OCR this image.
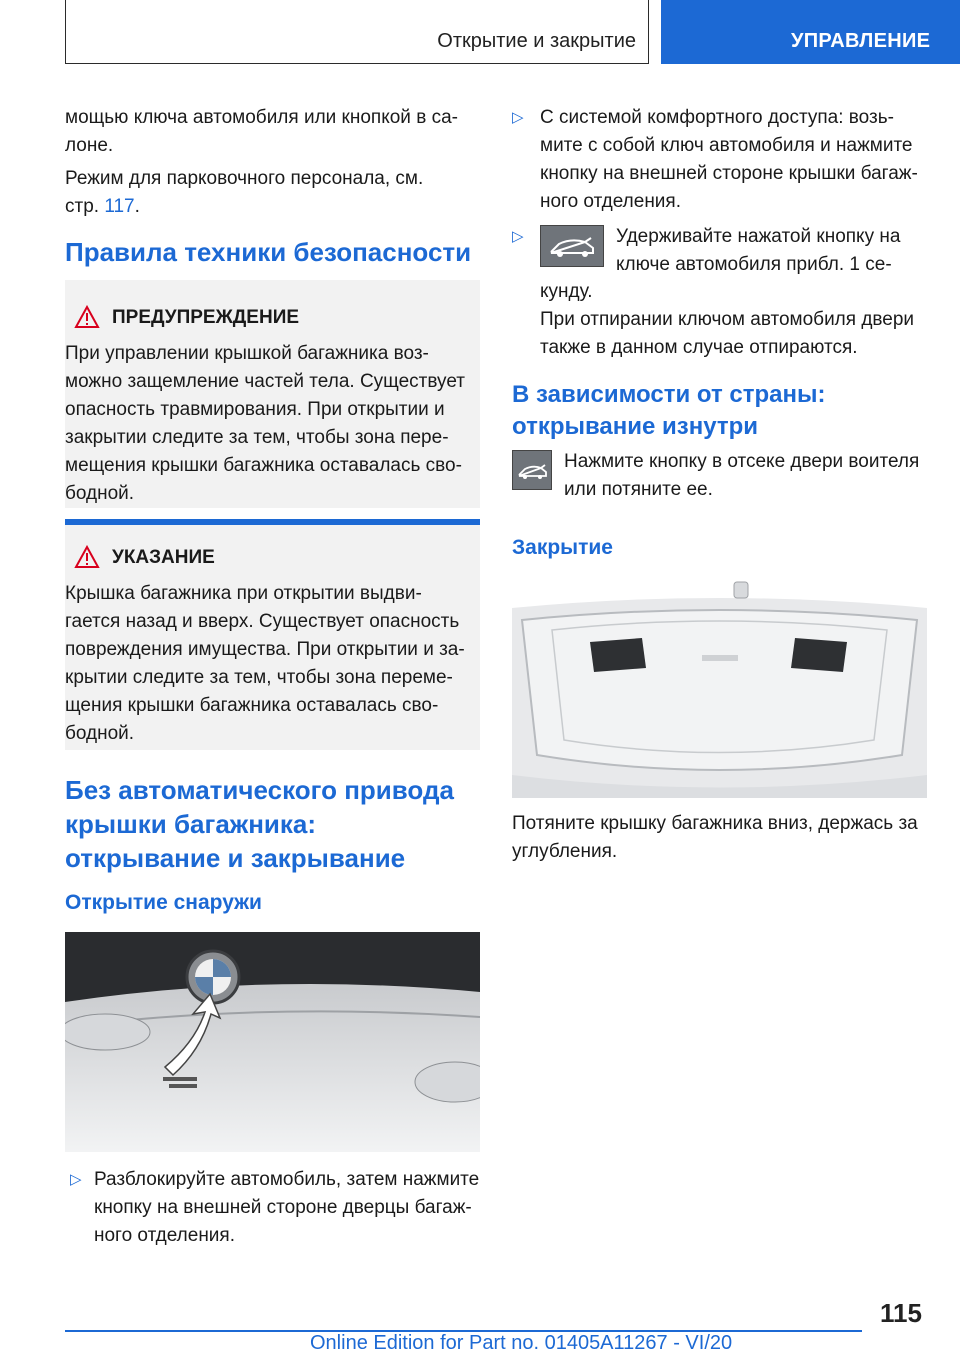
Открытие и закрытие	УПРАВЛЕНИЕ

мощью ключа автомобиля или кнопкой в са-
лоне.

Режим для парковочного персонала, см.
стр. 117.

Правила техники безопасности
ПРЕДУПРЕЖДЕНИЕ

При управлении крышкой багажника воз-
можно защемление частей тела. Существует
опасность травмирования. При открытии и
закрытии следите за тем, чтобы зона пере-
мещения крышки багажника оставалась сво-
бодной.

УКАЗАНИЕ

Крышка багажника при открытии выдви-
гается назад и вверх. Существует опасность
повреждения имущества. При открытии и за-
крытии следите за тем, чтобы зона переме-
щения крышки багажника оставалась сво-
бодной.

Без автоматического привода
крышки багажника:
открывание и закрывание
Открытие снаружи
▷ Разблокируйте автомобиль, затем нажмите
кнопку на внешней стороне дверцы багаж-
ного отделения.

▷ С системой комфортного доступа: возь-
мите с собой ключ автомобиля и нажмите
кнопку на внешней стороне крышки багаж-
ного отделения.

▷	Удерживайте нажатой кнопку на
ключе автомобиля прибл. 1 се-

кунду.

При отпирании ключом автомобиля двери
также в данном случае отпираются.

В зависимости от страны:
открывание изнутри

Нажмите кнопку в отсеке двери воителя
или потяните ее.

Закрытие

Потяните крышку багажника вниз, держась за
углубления.

115
Online Edition for Part no. 01405A11267 - VI/20
